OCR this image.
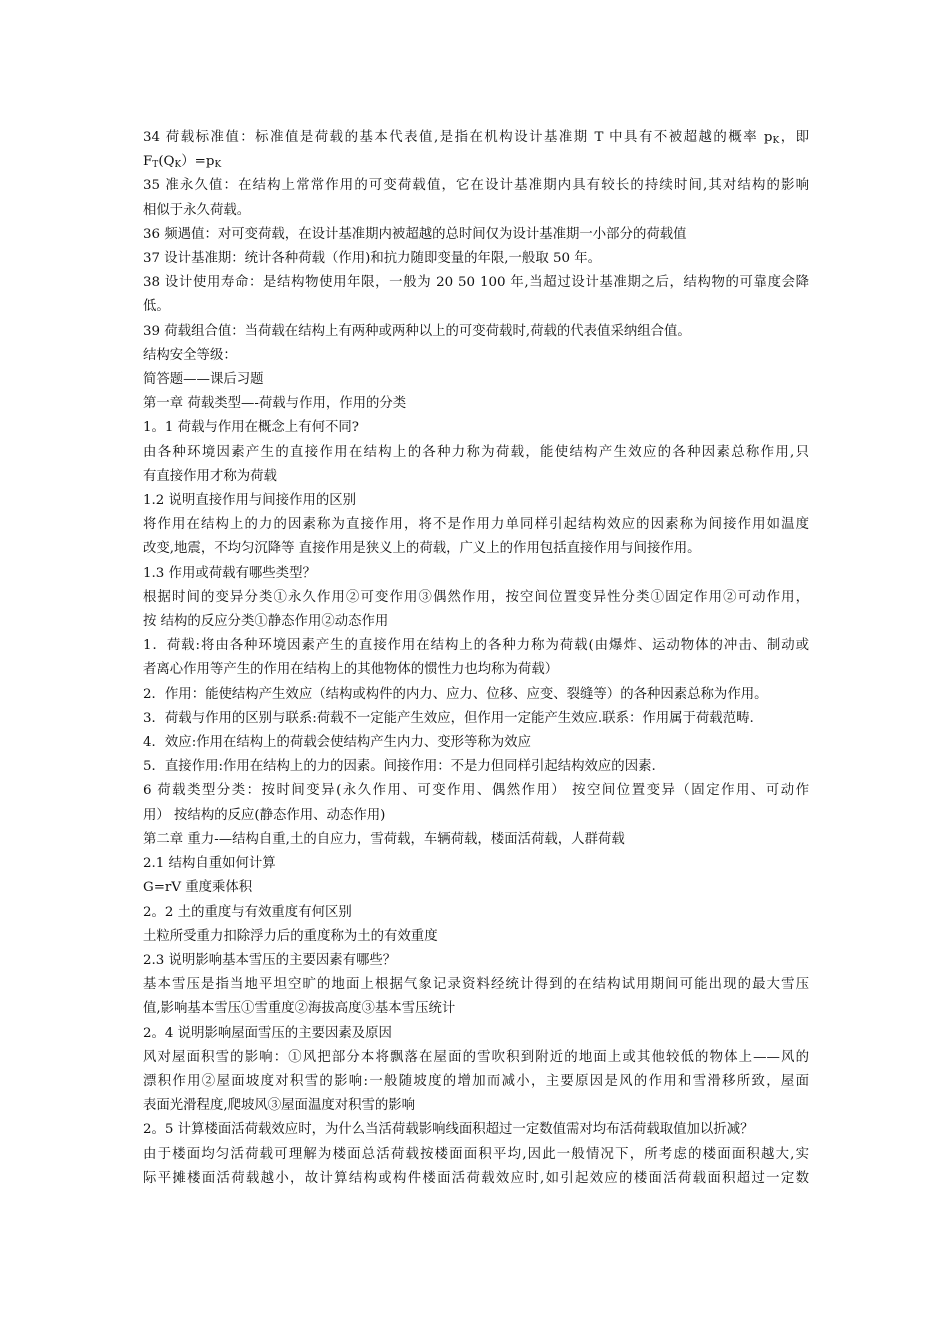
34 荷载标准值：标准值是荷载的基本代表值,是指在机构设计基准期 T 中具有不被超越的概率 $p_K$，即
$F_T(Q_K)=p_K$
35 准永久值：在结构上常常作用的可变荷载值，它在设计基准期内具有较长的持续时间,其对结构的影响
相似于永久荷载。
36 频遇值：对可变荷载，在设计基准期内被超越的总时间仅为设计基准期一小部分的荷载值
37 设计基准期：统计各种荷载（作用)和抗力随即变量的年限,一般取 50 年。
38 设计使用寿命：是结构物使用年限，一般为 20 50 100 年,当超过设计基准期之后，结构物的可靠度会降
低。
39 荷载组合值：当荷载在结构上有两种或两种以上的可变荷载时,荷载的代表值采纳组合值。
结构安全等级：
简答题——课后习题
第一章 荷载类型—-荷载与作用，作用的分类
1。1 荷载与作用在概念上有何不同?
由各种环境因素产生的直接作用在结构上的各种力称为荷载，能使结构产生效应的各种因素总称作用,只
有直接作用才称为荷载
1.2 说明直接作用与间接作用的区别
将作用在结构上的力的因素称为直接作用，将不是作用力单同样引起结构效应的因素称为间接作用如温度
改变,地震，不均匀沉降等 直接作用是狭义上的荷载，广义上的作用包括直接作用与间接作用。
1.3 作用或荷载有哪些类型？
根据时间的变异分类①永久作用②可变作用③偶然作用，按空间位置变异性分类①固定作用②可动作用，
按 结构的反应分类①静态作用②动态作用
1．荷载:将由各种环境因素产生的直接作用在结构上的各种力称为荷载(由爆炸、运动物体的冲击、制动或
者离心作用等产生的作用在结构上的其他物体的惯性力也均称为荷载）
2．作用：能使结构产生效应（结构或构件的内力、应力、位移、应变、裂缝等）的各种因素总称为作用。
3．荷载与作用的区别与联系:荷载不一定能产生效应，但作用一定能产生效应.联系：作用属于荷载范畴.
4．效应:作用在结构上的荷载会使结构产生内力、变形等称为效应
5．直接作用:作用在结构上的力的因素。间接作用：不是力但同样引起结构效应的因素.
6 荷载类型分类：按时间变异(永久作用、可变作用、偶然作用） 按空间位置变异（固定作用、可动作
用） 按结构的反应(静态作用、动态作用)
第二章 重力-—结构自重,土的自应力，雪荷载，车辆荷载，楼面活荷载，人群荷载
2.1 结构自重如何计算
G=rV 重度乘体积
2。2 土的重度与有效重度有何区别
土粒所受重力扣除浮力后的重度称为土的有效重度
2.3 说明影响基本雪压的主要因素有哪些？
基本雪压是指当地平坦空旷的地面上根据气象记录资料经统计得到的在结构试用期间可能出现的最大雪压
值,影响基本雪压①雪重度②海拔高度③基本雪压统计
2。4 说明影响屋面雪压的主要因素及原因
风对屋面积雪的影响：①风把部分本将飘落在屋面的雪吹积到附近的地面上或其他较低的物体上——风的
漂积作用②屋面坡度对积雪的影响:一般随坡度的增加而减小，主要原因是风的作用和雪滑移所致，屋面
表面光滑程度,爬坡风③屋面温度对积雪的影响
2。5 计算楼面活荷载效应时，为什么当活荷载影响线面积超过一定数值需对均布活荷载取值加以折减？
由于楼面均匀活荷载可理解为楼面总活荷载按楼面面积平均,因此一般情况下，所考虑的楼面面积越大,实
际平摊楼面活荷载越小，故计算结构或构件楼面活荷载效应时,如引起效应的楼面活荷载面积超过一定数
